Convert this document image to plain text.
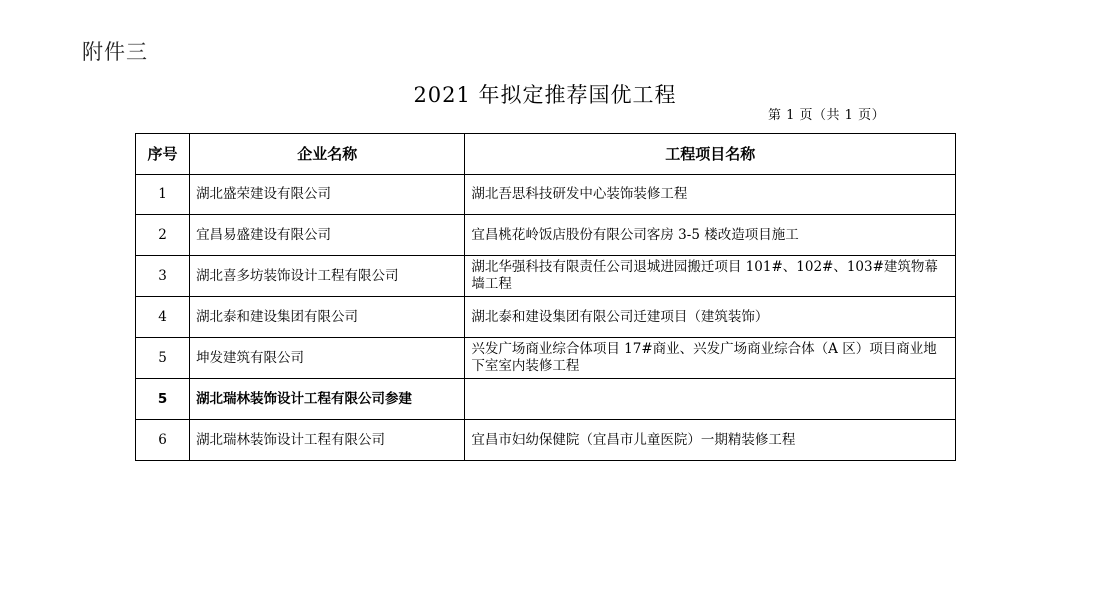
附件三
2021 年拟定推荐国优工程
第 1 页（共 1 页）
序号	企业名称	工程项目名称
1	湖北盛荣建设有限公司	湖北吾思科技研发中心装饰装修工程
2	宜昌易盛建设有限公司	宜昌桃花岭饭店股份有限公司客房 3-5 楼改造项目施工
3	湖北喜多坊装饰设计工程有限公司	湖北华强科技有限责任公司退城进园搬迁项目 101#、102#、103#建筑物幕墙工程
4	湖北泰和建设集团有限公司	湖北泰和建设集团有限公司迁建项目（建筑装饰）
5	坤发建筑有限公司	兴发广场商业综合体项目 17#商业、兴发广场商业综合体（A 区）项目商业地下室室内装修工程
5	湖北瑞林装饰设计工程有限公司参建	
6	湖北瑞林装饰设计工程有限公司	宜昌市妇幼保健院（宜昌市儿童医院）一期精装修工程
